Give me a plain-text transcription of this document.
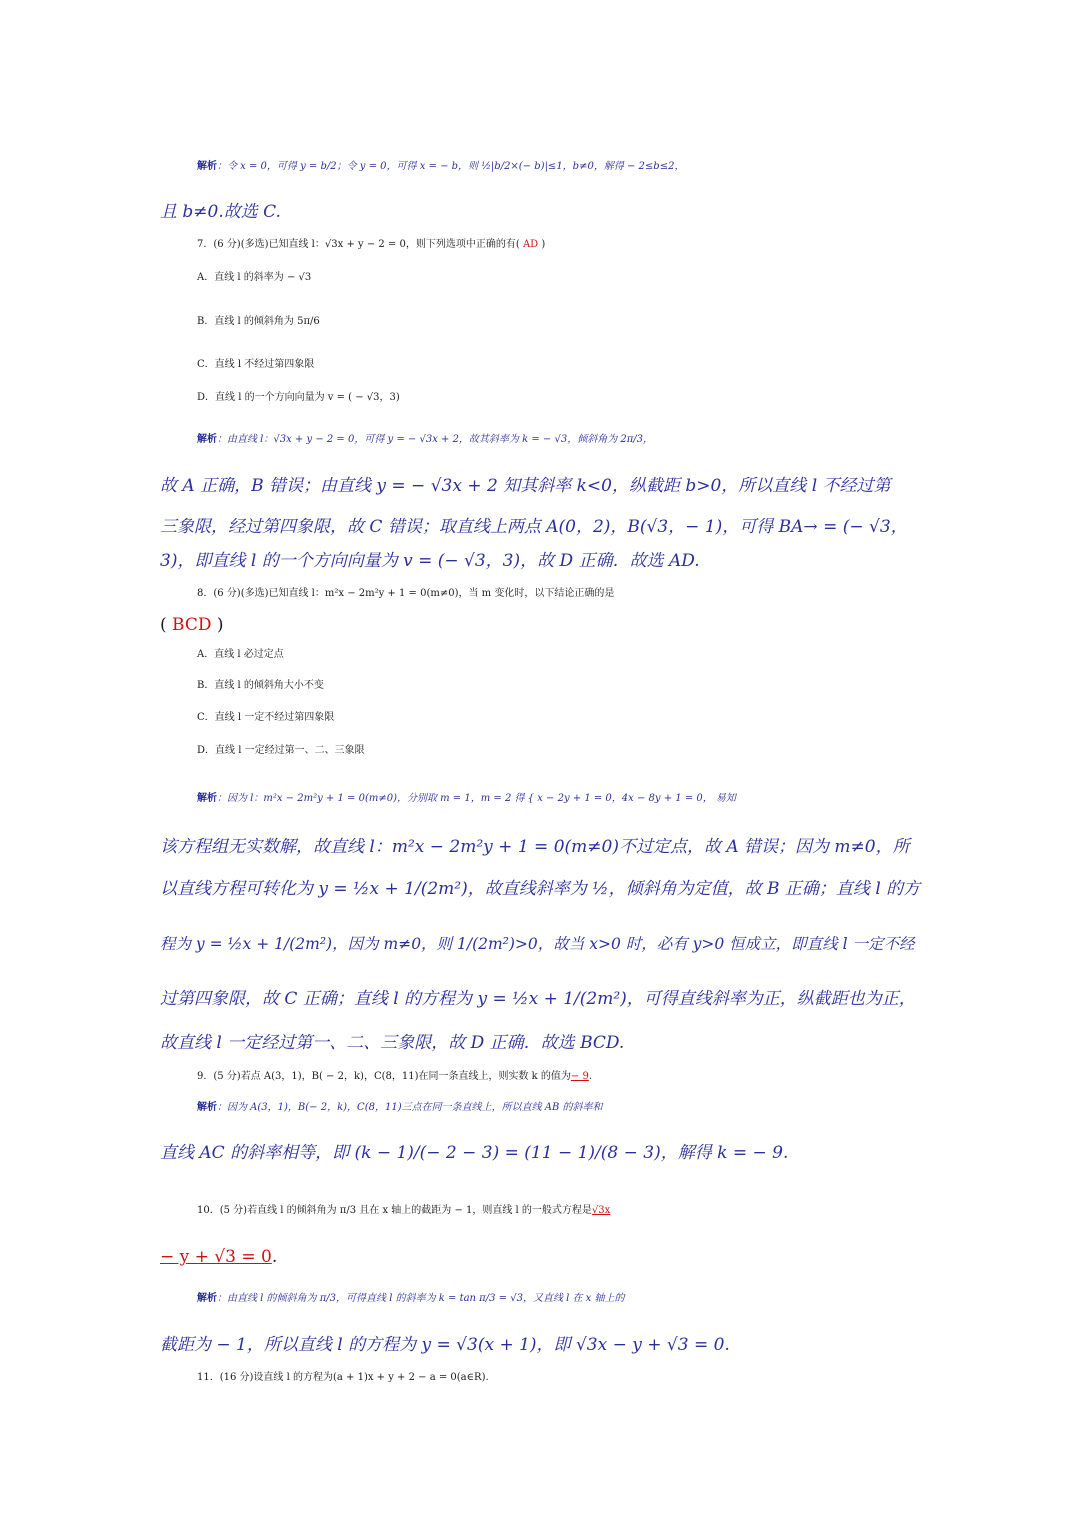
解析：令 x = 0，可得 y = b/2；令 y = 0，可得 x = − b，则 ½|b/2×(− b)|≤1，b≠0，解得 − 2≤b≤2，
且 b≠0.故选 C.
7．(6 分)(多选)已知直线 l：√3x + y − 2 = 0，则下列选项中正确的有( AD )
A．直线 l 的斜率为 − √3
B．直线 l 的倾斜角为 5π/6
C．直线 l 不经过第四象限
D．直线 l 的一个方向向量为 v = ( − √3，3)
解析：由直线 l：√3x + y − 2 = 0，可得 y = − √3x + 2，故其斜率为 k = − √3，倾斜角为 2π/3，
故 A 正确，B 错误；由直线 y = − √3x + 2 知其斜率 k<0，纵截距 b>0，所以直线 l 不经过第
三象限，经过第四象限，故 C 错误；取直线上两点 A(0，2)，B(√3，− 1)，可得 BA→ = (− √3，
3)，即直线 l 的一个方向向量为 v = (− √3，3)，故 D 正确．故选 AD.
8．(6 分)(多选)已知直线 l：m²x − 2m²y + 1 = 0(m≠0)，当 m 变化时，以下结论正确的是
( BCD )
A．直线 l 必过定点
B．直线 l 的倾斜角大小不变
C．直线 l 一定不经过第四象限
D．直线 l 一定经过第一、二、三象限
解析：因为 l：m²x − 2m²y + 1 = 0(m≠0)，分别取 m = 1，m = 2 得 { x − 2y + 1 = 0，4x − 8y + 1 = 0， 易知
该方程组无实数解，故直线 l：m²x − 2m²y + 1 = 0(m≠0)不过定点，故 A 错误；因为 m≠0，所
以直线方程可转化为 y = ½x + 1/(2m²)，故直线斜率为 ½，倾斜角为定值，故 B 正确；直线 l 的方
程为 y = ½x + 1/(2m²)，因为 m≠0，则 1/(2m²)>0，故当 x>0 时，必有 y>0 恒成立，即直线 l 一定不经
过第四象限，故 C 正确；直线 l 的方程为 y = ½x + 1/(2m²)，可得直线斜率为正，纵截距也为正，
故直线 l 一定经过第一、二、三象限，故 D 正确．故选 BCD.
9．(5 分)若点 A(3，1)，B( − 2，k)，C(8，11)在同一条直线上，则实数 k 的值为− 9.
解析：因为 A(3，1)，B(− 2，k)，C(8，11)三点在同一条直线上，所以直线 AB 的斜率和
直线 AC 的斜率相等，即 (k − 1)/(− 2 − 3) = (11 − 1)/(8 − 3)，解得 k = − 9.
10．(5 分)若直线 l 的倾斜角为 π/3 且在 x 轴上的截距为 − 1，则直线 l 的一般式方程是√3x
− y + √3 = 0.
解析：由直线 l 的倾斜角为 π/3，可得直线 l 的斜率为 k = tan π/3 = √3，又直线 l 在 x 轴上的
截距为 − 1，所以直线 l 的方程为 y = √3(x + 1)，即 √3x − y + √3 = 0.
11．(16 分)设直线 l 的方程为(a + 1)x + y + 2 − a = 0(a∈R).
